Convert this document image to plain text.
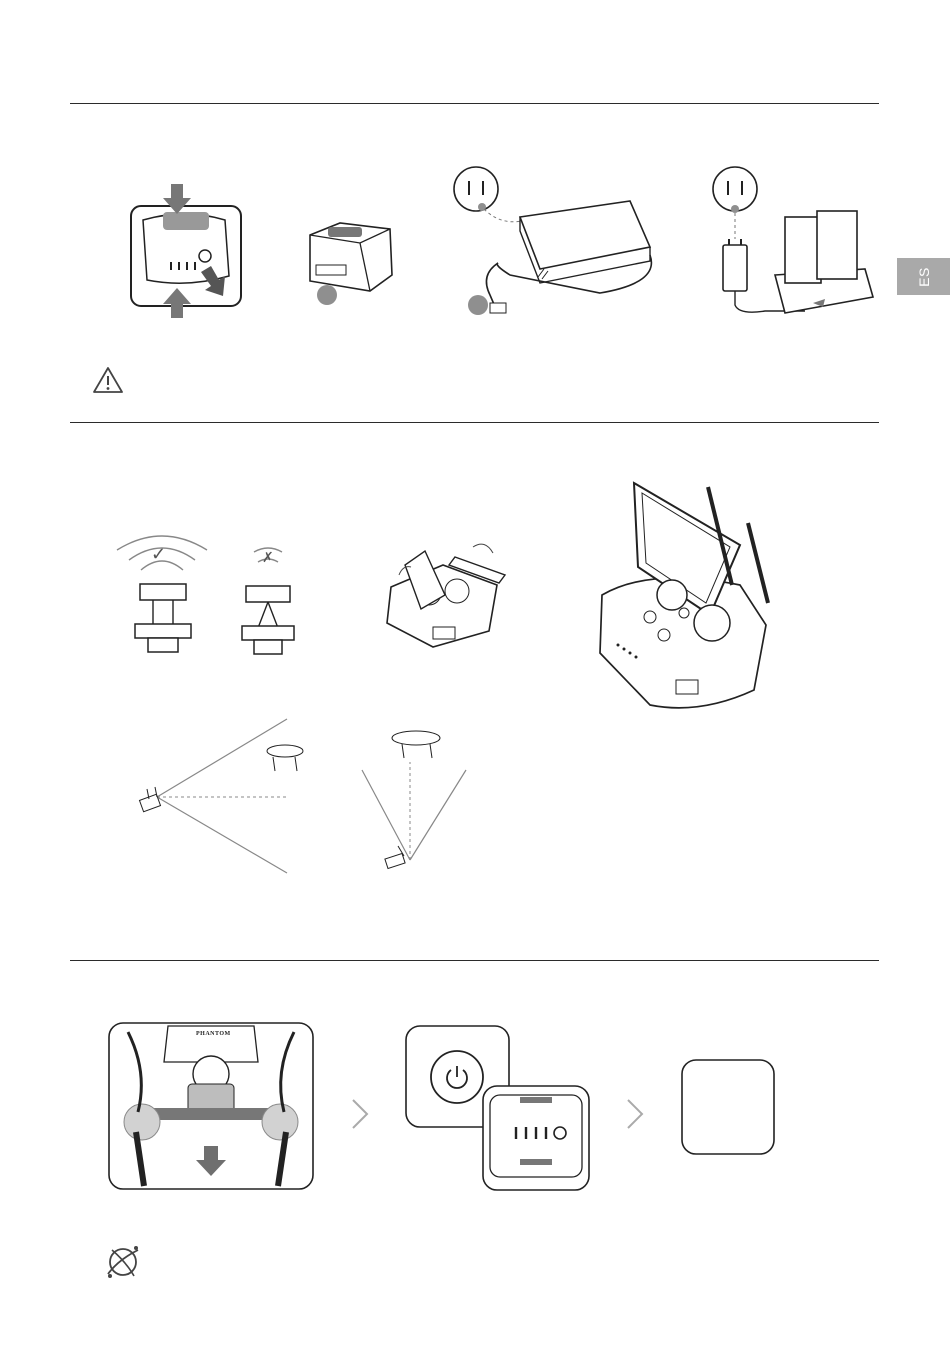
ES
✓	✗
PHANTOM
